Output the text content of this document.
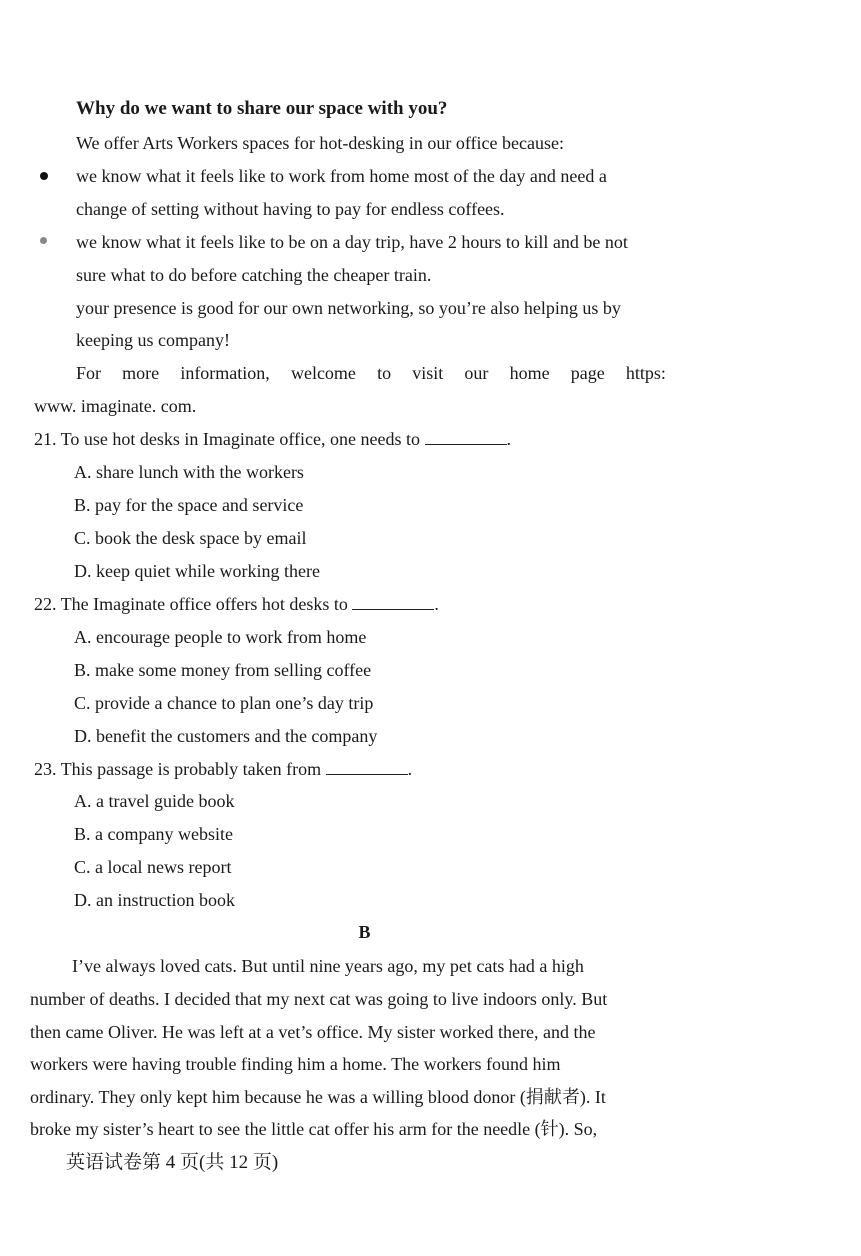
Why do we want to share our space with you?
We offer Arts Workers spaces for hot-desking in our office because:
we know what it feels like to work from home most of the day and need a
change of setting without having to pay for endless coffees.
we know what it feels like to be on a day trip, have 2 hours to kill and be not
sure what to do before catching the cheaper train.
your presence is good for our own networking, so you’re also helping us by
keeping us company!
For more information, welcome to visit our home page https:
www. imaginate. com.
21. To use hot desks in Imaginate office, one needs to	.
A. share lunch with the workers
B. pay for the space and service
C. book the desk space by email
D. keep quiet while working there
22. The Imaginate office offers hot desks to	.
A. encourage people to work from home
B. make some money from selling coffee
C. provide a chance to plan one’s day trip
D. benefit the customers and the company
23. This passage is probably taken from	.
A. a travel guide book
B. a company website
C. a local news report
D. an instruction book
B
I’ve always loved cats. But until nine years ago, my pet cats had a high
number of deaths. I decided that my next cat was going to live indoors only. But
then came Oliver. He was left at a vet’s office. My sister worked there, and the
workers were having trouble finding him a home. The workers found him
ordinary. They only kept him because he was a willing blood donor (捐献者). It
broke my sister’s heart to see the little cat offer his arm for the needle (针). So,
英语试卷第 4 页(共 12 页)
